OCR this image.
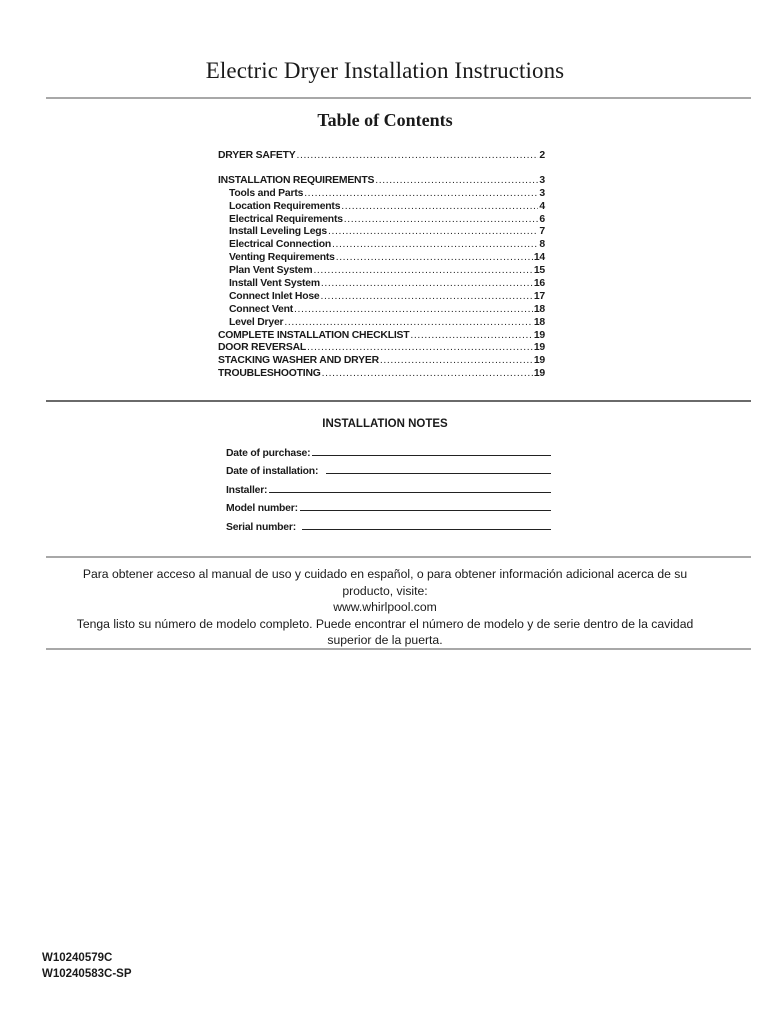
Electric Dryer Installation Instructions
Table of Contents
DRYER SAFETY .....	2
INSTALLATION REQUIREMENTS .....	3
Tools and Parts .....	3
Location Requirements .....	4
Electrical Requirements .....	6
Install Leveling Legs .....	7
Electrical Connection .....	8
Venting Requirements .....	14
Plan Vent System .....	15
Install Vent System .....	16
Connect Inlet Hose .....	17
Connect Vent .....	18
Level Dryer .....	18
COMPLETE INSTALLATION CHECKLIST .....	19
DOOR REVERSAL .....	19
STACKING WASHER AND DRYER .....	19
TROUBLESHOOTING .....	19
INSTALLATION NOTES
Date of purchase:
Date of installation:
Installer:
Model number:
Serial number:
Para obtener acceso al manual de uso y cuidado en español, o para obtener información adicional acerca de su producto, visite:
www.whirlpool.com
Tenga listo su número de modelo completo. Puede encontrar el número de modelo y de serie dentro de la cavidad superior de la puerta.
W10240579C
W10240583C-SP
